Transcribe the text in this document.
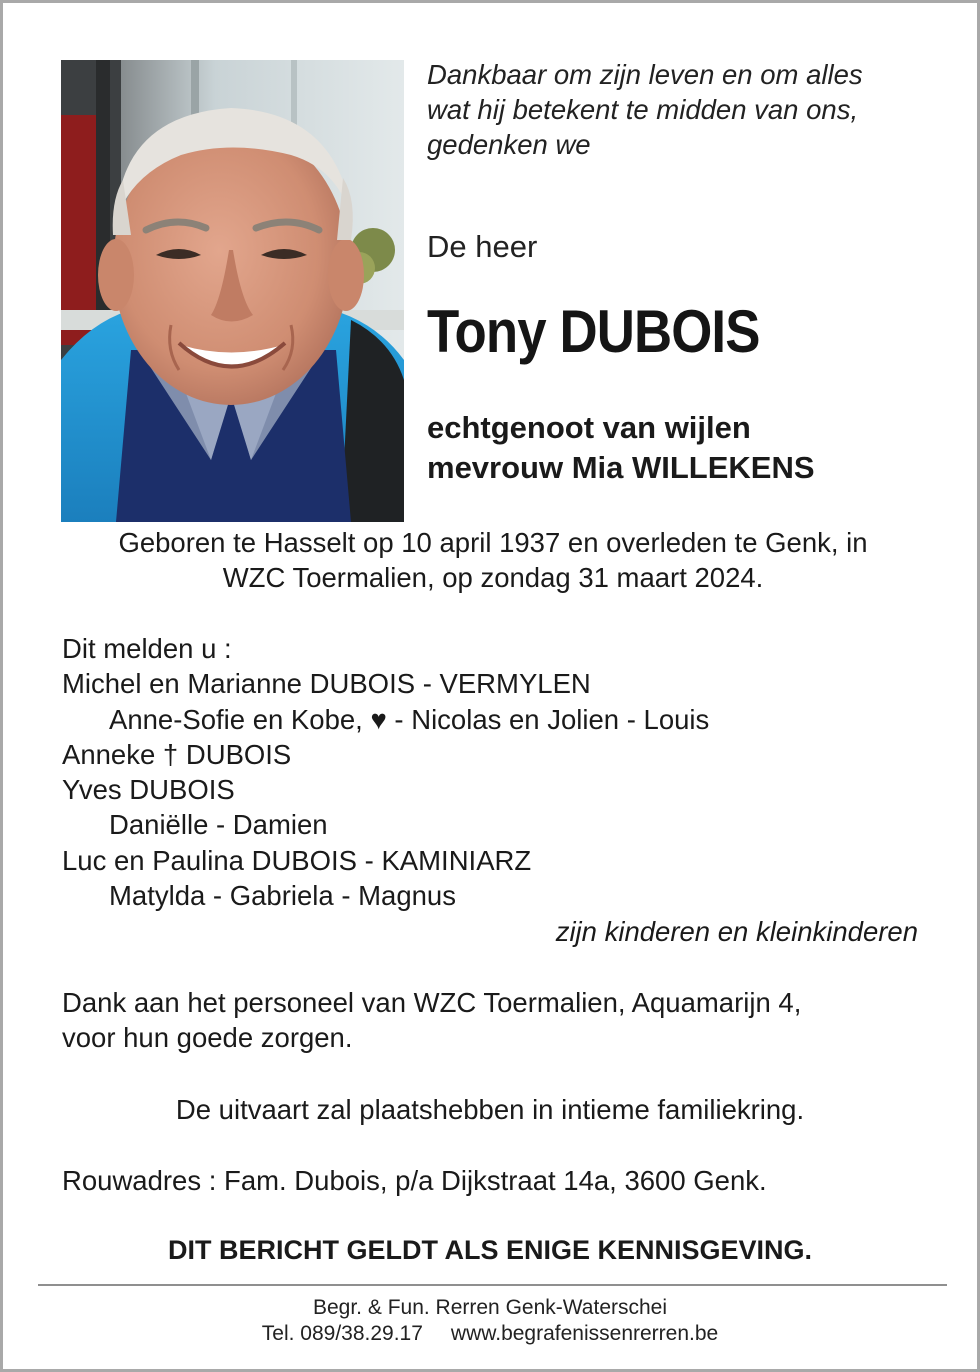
Dankbaar om zijn leven en om alles
wat hij betekent te midden van ons,
gedenken we
De heer
Tony DUBOIS
echtgenoot van wijlen
mevrouw Mia WILLEKENS
Geboren te Hasselt op 10 april 1937 en overleden te Genk, in
WZC Toermalien, op zondag 31 maart 2024.
Dit melden u :
Michel en Marianne DUBOIS - VERMYLEN
Anne-Sofie en Kobe, ♥ - Nicolas en Jolien - Louis
Anneke † DUBOIS
Yves DUBOIS
Daniëlle - Damien
Luc en Paulina DUBOIS - KAMINIARZ
Matylda - Gabriela - Magnus
zijn kinderen en kleinkinderen
Dank aan het personeel van WZC Toermalien, Aquamarijn 4,
voor hun goede zorgen.
De uitvaart zal plaatshebben in intieme familiekring.
Rouwadres : Fam. Dubois, p/a Dijkstraat 14a, 3600 Genk.
DIT BERICHT GELDT ALS ENIGE KENNISGEVING.
Begr. & Fun. Rerren Genk-Waterschei
Tel. 089/38.29.17 www.begrafenissenrerren.be
